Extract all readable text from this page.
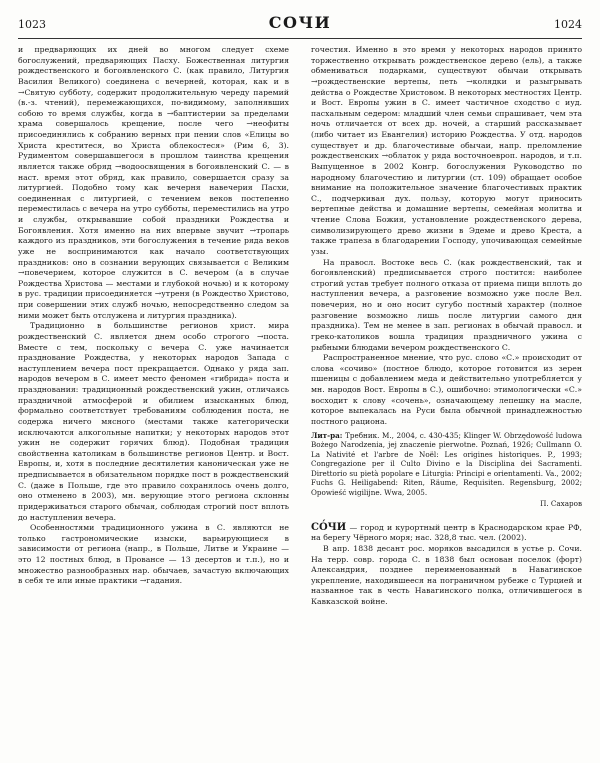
1023	СОЧИ	1024

и предваряющих их дней во многом следует схеме богослужений, предваряющих Пасху. Божественная литургия рождественского и богоявленского С. (как правило, Литургия Василия Великого) соединена с вечерней, которая, как и в →Святую субботу, содержит продолжительную череду паремий (в.-з. чтений), перемежающихся, по-видимому, заполнявших собою то время службы, когда в →баптистерии за пределами храма совершалось крещение, после чего →неофиты присоединялись к собранию верных при пении слов «Елицы во Христа креститеся, во Христа облекостеся» (Рим 6, 3). Рудиментом совершавшегося в прошлом таинства крещения является также обряд →водоосвящения в богоявленский С. — в наст. время этот обряд, как правило, совершается сразу за литургией. Подобно тому как вечерня навечерия Пасхи, соединенная с литургией, с течением веков постепенно переместилась с вечера на утро субботы, переместились на утро и службы, открывавшие собой праздники Рождества и Богоявления. Хотя именно на них впервые звучит →тропарь каждого из праздников, эти богослужения в течение ряда веков уже не воспринимаются как начало соответствующих праздников: оно в сознании верующих связывается с Великим →повечерием, которое служится в С. вечером (а в случае Рождества Христова — местами и глубокой ночью) и к которому в рус. традиции присоединяется →утреня (в Рождество Христово, при совершении этих служб ночью, непосредственно следом за ними может быть отслужена и литургия праздника).

Традиционно в большинстве регионов христ. мира рождественский С. является днем особо строгого →поста. Вместе с тем, поскольку с вечера С. уже начинается празднование Рождества, у некоторых народов Запада с наступлением вечера пост прекращается. Однако у ряда зап. народов вечером в С. имеет место феномен «гибрида» поста и празднования: традиционный рождественский ужин, отличаясь праздничной атмосферой и обилием изысканных блюд, формально соответствует требованиям соблюдения поста, не содержа ничего мясного (местами также категорически исключаются алкогольные напитки; у некоторых народов этот ужин не содержит горячих блюд). Подобная традиция свойственна католикам в большинстве регионов Центр. и Вост. Европы, и, хотя в последние десятилетия каноническая уже не предписывается в обязательном порядке пост в рождественский С. (даже в Польше, где это правило сохранялось очень долго, оно отменено в 2003), мн. верующие этого региона склонны придерживаться старого обычая, соблюдая строгий пост вплоть до наступления вечера.

Особенностями традиционного ужина в С. являются не только гастрономические изыски, варьирующиеся в зависимости от региона (напр., в Польше, Литве и Украине — это 12 постных блюд, в Провансе — 13 десертов и т.п.), но и множество разнообразных нар. обычаев, зачастую включающих в себя те или иные практики →гадания.

гочестия. Именно в это время у некоторых народов принято торжественно открывать рождественское дерево (ель), а также обмениваться подарками, существуют обычаи открывать →рождественские вертепы, петь →колядки и разыгрывать действа о Рождестве Христовом. В некоторых местностях Центр. и Вост. Европы ужин в С. имеет частичное сходство с иуд. пасхальным седером: младший член семьи спрашивает, чем эта ночь отличается от всех др. ночей, а старший рассказывает (либо читает из Евангелия) историю Рождества. У отд. народов существует и др. благочестивые обычаи, напр. преломление рождественских →облаток у ряда восточноевроп. народов, и т.п. Выпущенное в 2002 Конгр. богослужения Руководство по народному благочестию и литургии (ст. 109) обращает особое внимание на положительное значение благочестивых практик С., подчеркивая дух. пользу, которую могут приносить вертепные действа и домашние вертепы, семейная молитва и чтение Слова Божия, установление рождественского дерева, символизирующего древо жизни в Эдеме и древо Креста, а также трапеза в благодарении Господу, упочивающая семейные узы.

На правосл. Востоке весь С. (как рождественский, так и богоявленский) предписывается строго постится: наиболее строгий устав требует полного отказа от приема пищи вплоть до наступления вечера, а разговение возможно уже после Вел. повечерия, но и оно носит сугубо постный характер (полное разговение возможно лишь после литургии самого дня праздника). Тем не менее в зап. регионах в обычай правосл. и греко-католиков вошла традиция праздничного ужина с рыбными блюдами вечером рождественского С.

Распространенное мнение, что рус. слово «С.» происходит от слова «сочиво» (постное блюдо, которое готовится из зерен пшеницы с добавлением меда и действительно употребляется у мн. народов Вост. Европы в С.), ошибочно: этимологически «С.» восходит к слову «сочень», означающему лепешку на масле, которое выпекалась на Руси была обычной принадлежностью постного рациона.

Лит-ра: Требник. М., 2004, с. 430-435; Klinger W. Obrzędowość ludowa Bożego Narodzenia, jej znaczenie pierwotne. Poznań, 1926; Cullmann O. La Nativité et l'arbre de Noël: Les origines historiques. P., 1993; Congregazione per il Culto Divino e la Disciplina dei Sacramenti. Direttorio su pietà popolare e Liturgia: Principi e orientamenti. Va., 2002; Fuchs G. Heiligabend: Riten, Räume, Requisiten. Regensburg, 2002; Opowieść wigilijne. Wwa, 2005.

П. Сахаров

СО́ЧИ — город и курортный центр в Краснодарском крае РФ, на берегу Чёрного моря; нас. 328,8 тыс. чел. (2002).

В апр. 1838 десант рос. моряков высадился в устье р. Сочи. На терр. совр. города С. в 1838 был основан поселок (форт) Александрия, позднее переименованный в Навагинское укрепление, находившееся на пограничном рубеже с Турцией и названное так в честь Навагинского полка, отличившегося в Кавказской войне.
